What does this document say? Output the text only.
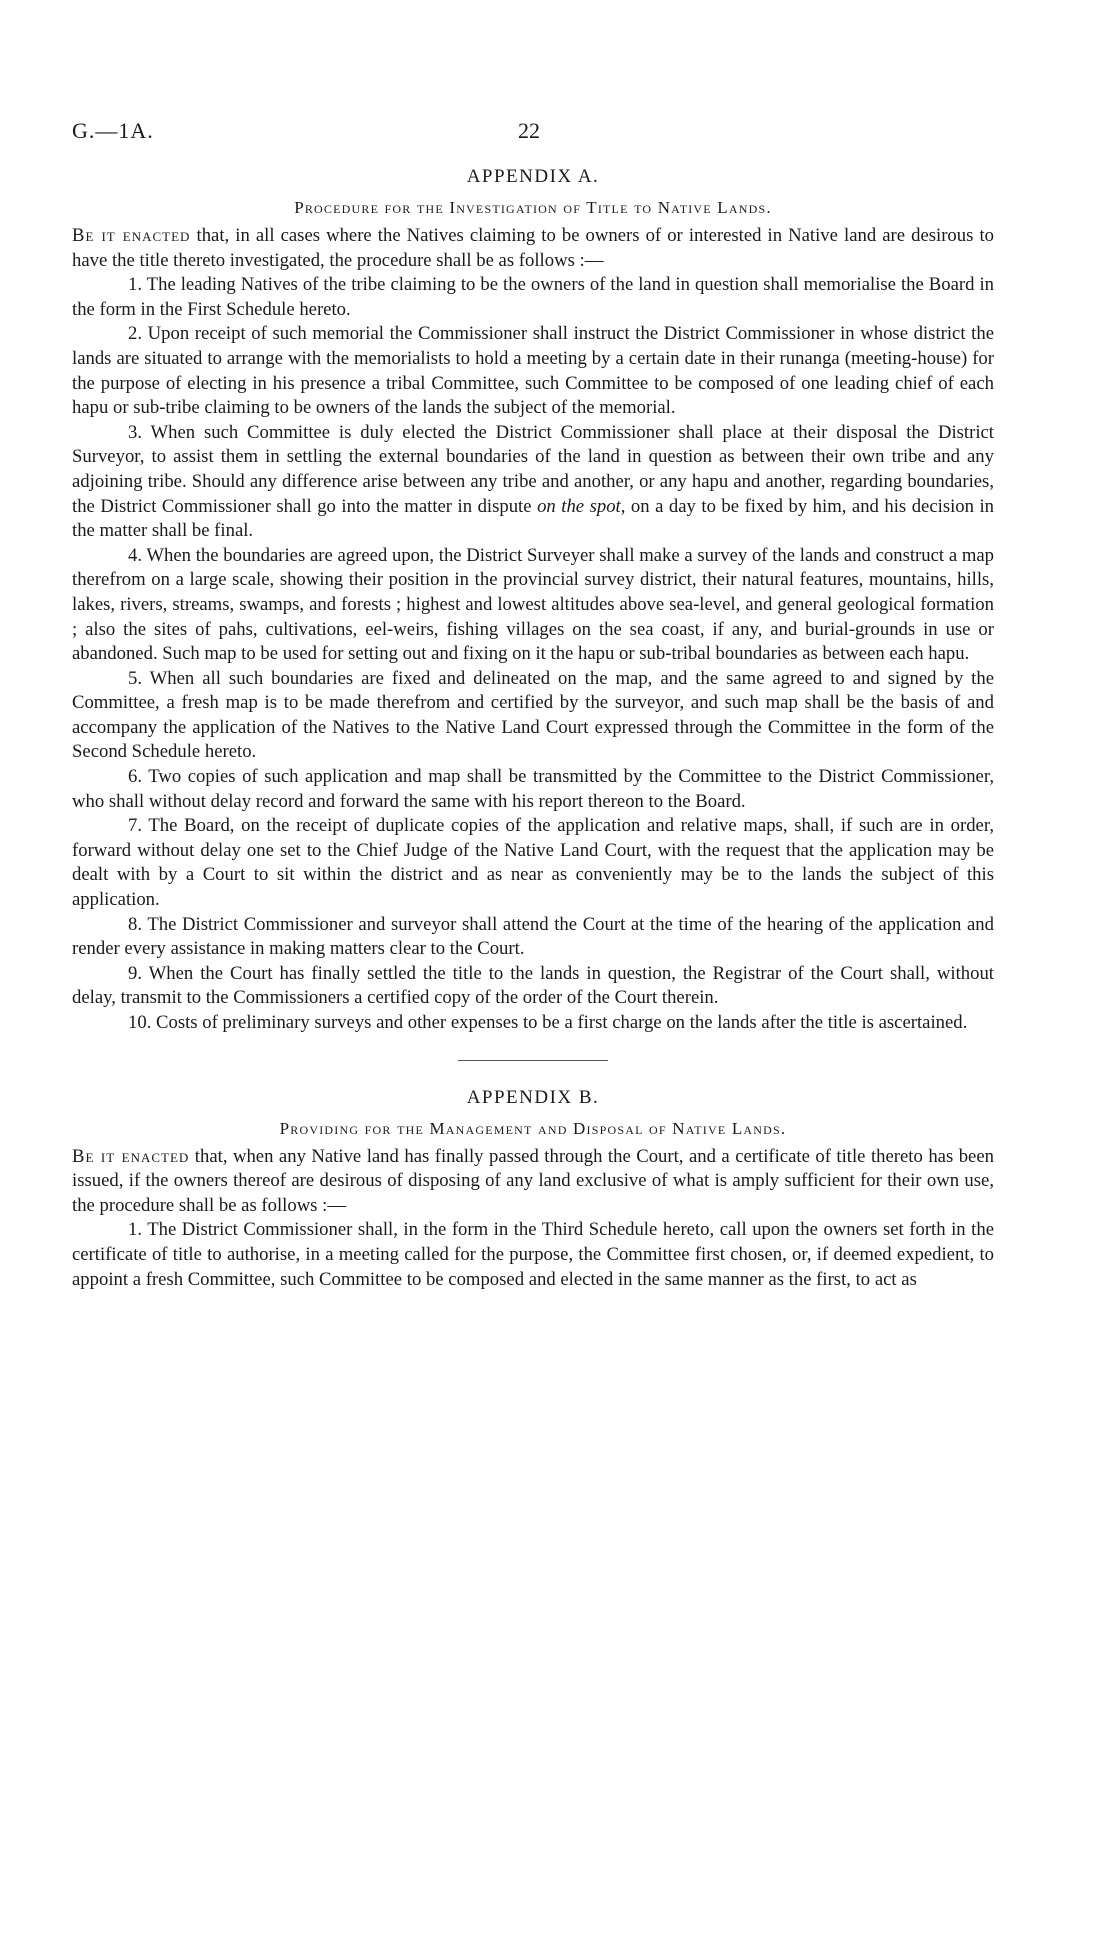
G.—1A.	22
APPENDIX A.
Procedure for the Investigation of Title to Native Lands.

Be it enacted that, in all cases where the Natives claiming to be owners of or interested in Native land are desirous to have the title thereto investigated, the procedure shall be as follows :—

1. The leading Natives of the tribe claiming to be the owners of the land in question shall memorialise the Board in the form in the First Schedule hereto.

2. Upon receipt of such memorial the Commissioner shall instruct the District Commissioner in whose district the lands are situated to arrange with the memorialists to hold a meeting by a certain date in their runanga (meeting-house) for the purpose of electing in his presence a tribal Committee, such Committee to be composed of one leading chief of each hapu or sub-tribe claiming to be owners of the lands the subject of the memorial.

3. When such Committee is duly elected the District Commissioner shall place at their disposal the District Surveyor, to assist them in settling the external boundaries of the land in question as between their own tribe and any adjoining tribe. Should any difference arise between any tribe and another, or any hapu and another, regarding boundaries, the District Commissioner shall go into the matter in dispute on the spot, on a day to be fixed by him, and his decision in the matter shall be final.

4. When the boundaries are agreed upon, the District Surveyer shall make a survey of the lands and construct a map therefrom on a large scale, showing their position in the provincial survey district, their natural features, mountains, hills, lakes, rivers, streams, swamps, and forests ; highest and lowest altitudes above sea-level, and general geological formation ; also the sites of pahs, cultivations, eel-weirs, fishing villages on the sea coast, if any, and burial-grounds in use or abandoned. Such map to be used for setting out and fixing on it the hapu or sub-tribal boundaries as between each hapu.

5. When all such boundaries are fixed and delineated on the map, and the same agreed to and signed by the Committee, a fresh map is to be made therefrom and certified by the surveyor, and such map shall be the basis of and accompany the application of the Natives to the Native Land Court expressed through the Committee in the form of the Second Schedule hereto.

6. Two copies of such application and map shall be transmitted by the Committee to the District Commissioner, who shall without delay record and forward the same with his report thereon to the Board.

7. The Board, on the receipt of duplicate copies of the application and relative maps, shall, if such are in order, forward without delay one set to the Chief Judge of the Native Land Court, with the request that the application may be dealt with by a Court to sit within the district and as near as conveniently may be to the lands the subject of this application.

8. The District Commissioner and surveyor shall attend the Court at the time of the hearing of the application and render every assistance in making matters clear to the Court.

9. When the Court has finally settled the title to the lands in question, the Registrar of the Court shall, without delay, transmit to the Commissioners a certified copy of the order of the Court therein.

10. Costs of preliminary surveys and other expenses to be a first charge on the lands after the title is ascertained.

APPENDIX B.
Providing for the Management and Disposal of Native Lands.

Be it enacted that, when any Native land has finally passed through the Court, and a certificate of title thereto has been issued, if the owners thereof are desirous of disposing of any land exclusive of what is amply sufficient for their own use, the procedure shall be as follows :—

1. The District Commissioner shall, in the form in the Third Schedule hereto, call upon the owners set forth in the certificate of title to authorise, in a meeting called for the purpose, the Committee first chosen, or, if deemed expedient, to appoint a fresh Committee, such Committee to be composed and elected in the same manner as the first, to act as
